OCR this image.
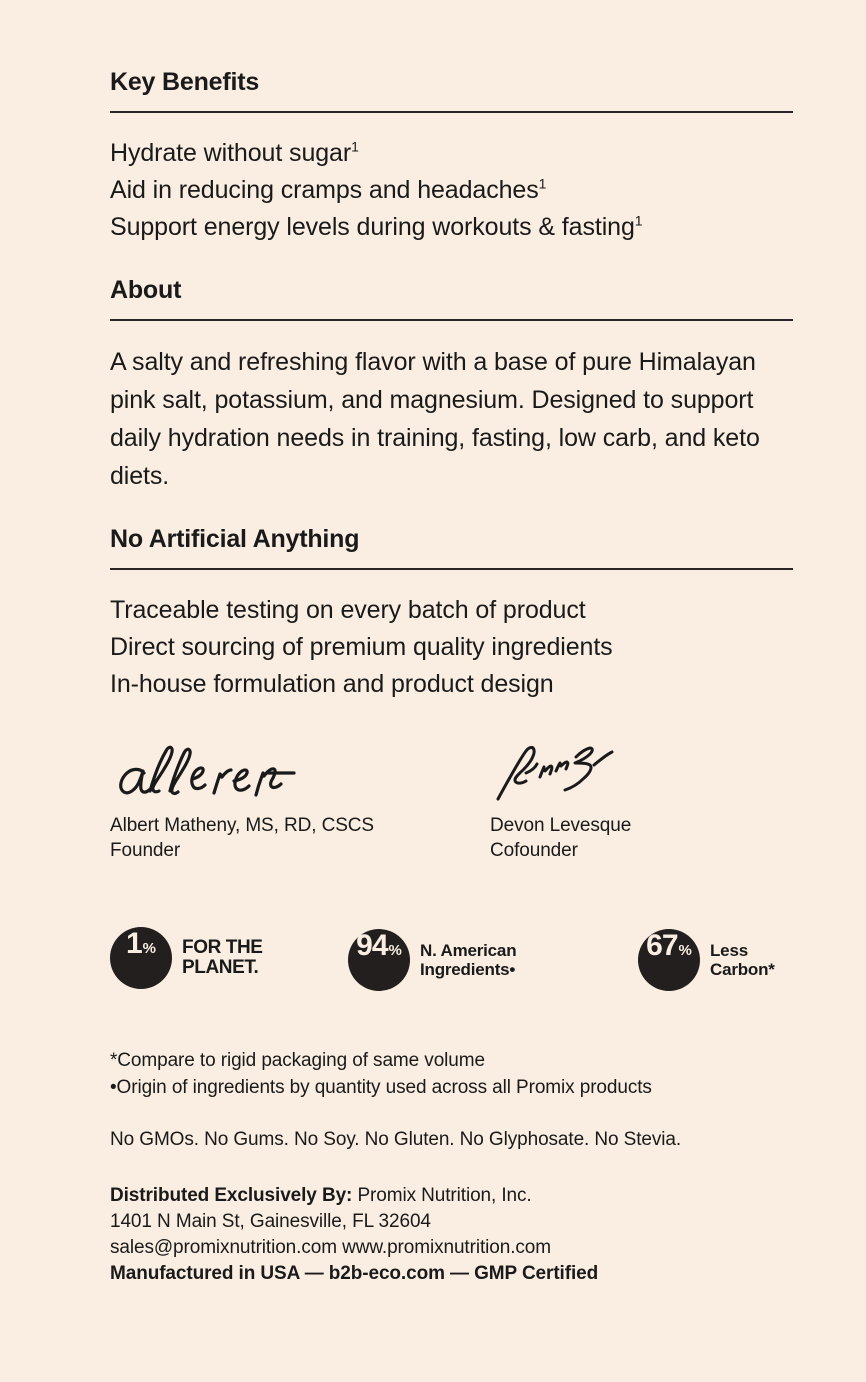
Key Benefits
Hydrate without sugar$^1$
Aid in reducing cramps and headaches$^1$
Support energy levels during workouts & fasting$^1$
About
A salty and refreshing flavor with a base of pure Himalayan pink salt, potassium, and magnesium. Designed to support daily hydration needs in training, fasting, low carb, and keto diets.
No Artificial Anything
Traceable testing on every batch of product
Direct sourcing of premium quality ingredients
In-house formulation and product design
Albert Matheny, MS, RD, CSCS
Founder
Devon Levesque
Cofounder
1 % FOR THE
PLANET.
94 % N. American
Ingredients•
67 % Less
Carbon*
*Compare to rigid packaging of same volume
•Origin of ingredients by quantity used across all Promix products
No GMOs. No Gums. No Soy. No Gluten. No Glyphosate. No Stevia.
Distributed Exclusively By: Promix Nutrition, Inc.
1401 N Main St, Gainesville, FL 32604
sales@promixnutrition.com www.promixnutrition.com
Manufactured in USA — b2b-eco.com — GMP Certified
